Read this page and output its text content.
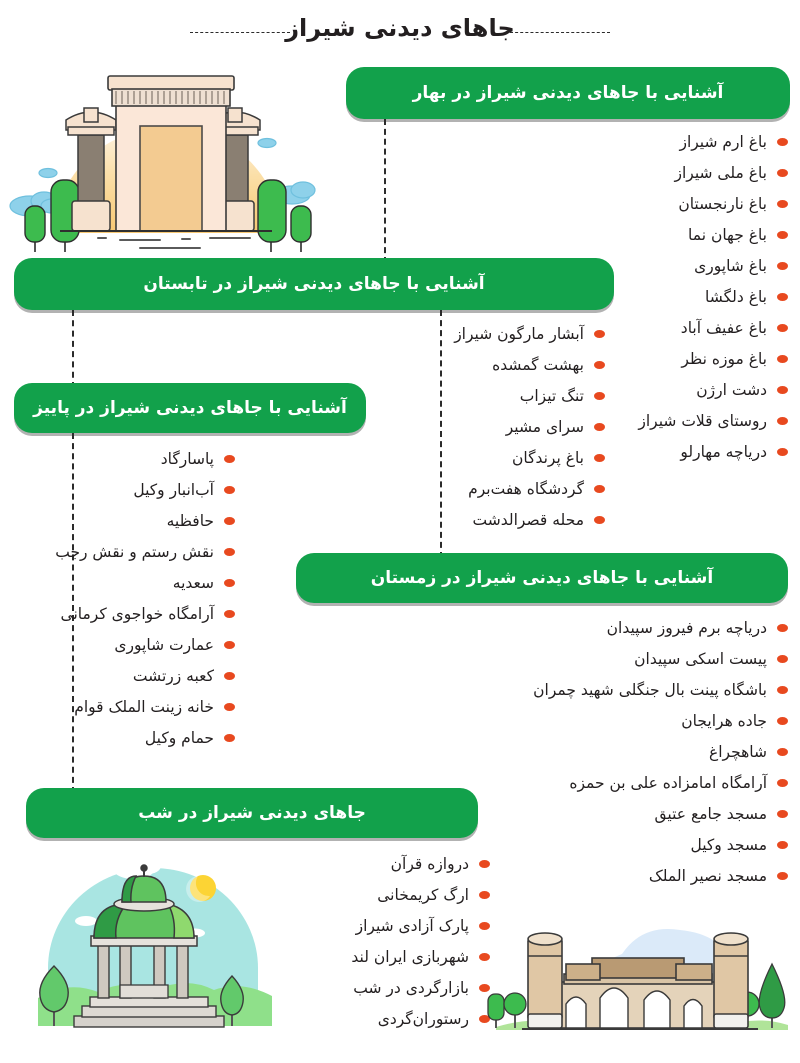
جاهای دیدنی شیراز
آشنایی با جاهای دیدنی شیراز در بهار
باغ ارم شیراز
باغ ملی شیراز
باغ نارنجستان
باغ جهان نما
باغ شاپوری
باغ دلگشا
باغ عفیف آباد
باغ موزه نظر
دشت ارژن
روستای قلات شیراز
دریاچه مهارلو
آشنایی با جاهای دیدنی شیراز در تابستان
آبشار مارگون شیراز
بهشت گمشده
تنگ تیزاب
سرای مشیر
باغ پرندگان
گردشگاه هفت‌برم
محله قصرالدشت
آشنایی با جاهای دیدنی شیراز در پاییز
پاسارگاد
آب‌انبار وکیل
حافظیه
نقش رستم و نقش رجب
سعدیه
آرامگاه خواجوی کرمانی
عمارت شاپوری
کعبه زرتشت
خانه زینت الملک قوام
حمام وکیل
آشنایی با جاهای دیدنی شیراز در زمستان
دریاچه برم فیروز سپیدان
پیست اسکی سپیدان
باشگاه پینت بال جنگلی شهید چمران
جاده هرایجان
شاهچراغ
آرامگاه امامزاده علی بن حمزه
مسجد جامع عتیق
مسجد وکیل
مسجد نصیر الملک
جاهای دیدنی شیراز در شب
دروازه قرآن
ارگ کریمخانی
پارک آزادی شیراز
شهربازی ایران لند
بازارگردی در شب
رستوران‌گردی
